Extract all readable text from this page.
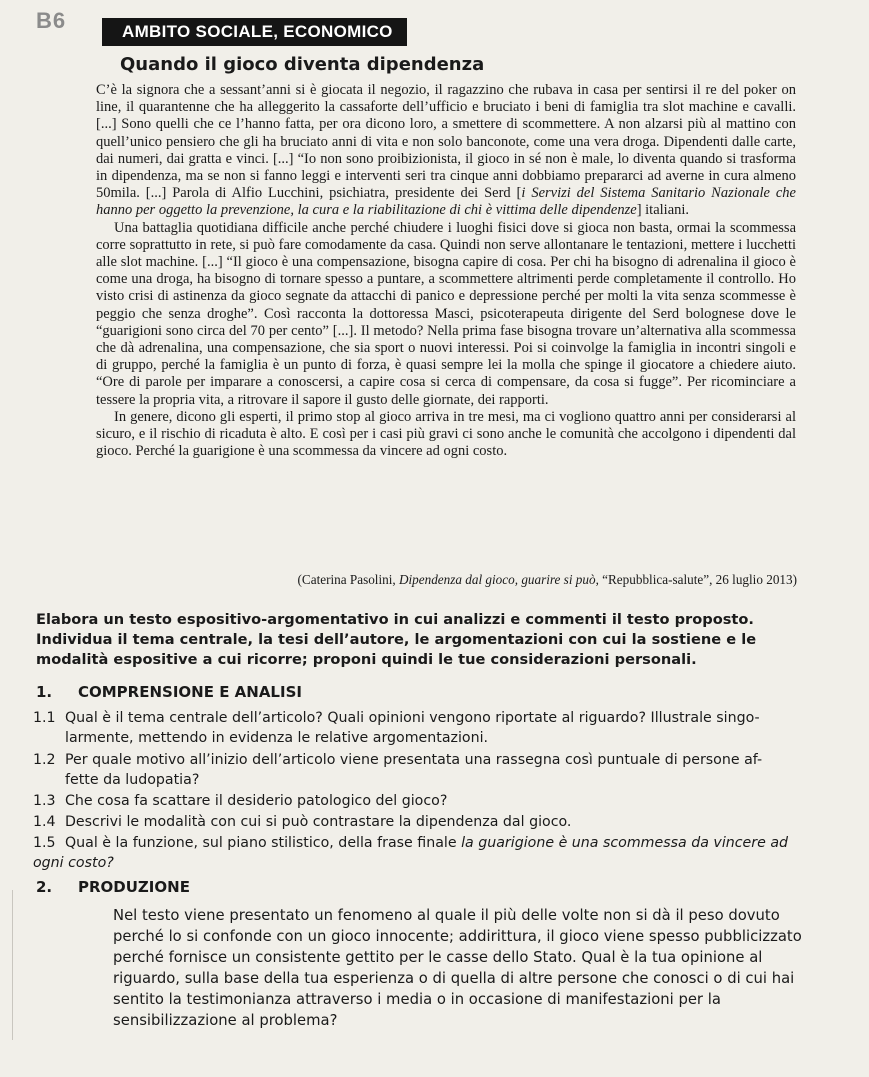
B6	AMBITO SOCIALE, ECONOMICO
Quando il gioco diventa dipendenza

C’è la signora che a sessant’anni si è giocata il negozio, il ragazzino che rubava in casa per sentirsi il re del poker on line, il quarantenne che ha alleggerito la cassaforte dell’ufficio e bruciato i beni di famiglia tra slot machine e cavalli. [...] Sono quelli che ce l’hanno fatta, per ora dicono loro, a smettere di scommettere. A non alzarsi più al mattino con quell’unico pensiero che gli ha bruciato anni di vita e non solo banconote, come una vera droga. Dipendenti dalle carte, dai numeri, dai gratta e vinci. [...] “Io non sono proibizionista, il gioco in sé non è male, lo diventa quando si trasforma in dipendenza, ma se non si fanno leggi e interventi seri tra cinque anni dobbiamo prepararci ad averne in cura almeno 50mila. [...] Parola di Alfio Lucchini, psichiatra, presidente dei Serd [i Servizi del Sistema Sanitario Nazionale che hanno per oggetto la prevenzione, la cura e la riabilitazione di chi è vittima delle dipendenze] italiani.

Una battaglia quotidiana difficile anche perché chiudere i luoghi fisici dove si gioca non basta, ormai la scommessa corre soprattutto in rete, si può fare comodamente da casa. Quindi non serve allontanare le tentazioni, mettere i lucchetti alle slot machine. [...] “Il gioco è una compensazione, bisogna capire di cosa. Per chi ha bisogno di adrenalina il gioco è come una droga, ha bisogno di tornare spesso a puntare, a scommettere altrimenti perde completamente il controllo. Ho visto crisi di astinenza da gioco segnate da attacchi di panico e depressione perché per molti la vita senza scommesse è peggio che senza droghe”. Così racconta la dottoressa Masci, psicoterapeuta dirigente del Serd bolognese dove le “guarigioni sono circa del 70 per cento” [...]. Il metodo? Nella prima fase bisogna trovare un’alternativa alla scommessa che dà adrenalina, una compensazione, che sia sport o nuovi interessi. Poi si coinvolge la famiglia in incontri singoli e di gruppo, perché la famiglia è un punto di forza, è quasi sempre lei la molla che spinge il giocatore a chiedere aiuto. “Ore di parole per imparare a conoscersi, a capire cosa si cerca di compensare, da cosa si fugge”. Per ricominciare a tessere la propria vita, a ritrovare il sapore il gusto delle giornate, dei rapporti.

In genere, dicono gli esperti, il primo stop al gioco arriva in tre mesi, ma ci vogliono quattro anni per considerarsi al sicuro, e il rischio di ricaduta è alto. E così per i casi più gravi ci sono anche le comunità che accolgono i dipendenti dal gioco. Perché la guarigione è una scommessa da vincere ad ogni costo.

(Caterina Pasolini, Dipendenza dal gioco, guarire si può, “Repubblica-salute”, 26 luglio 2013)
Elabora un testo espositivo-argomentativo in cui analizzi e commenti il testo proposto. Individua il tema centrale, la tesi dell’autore, le argomentazioni con cui la sostiene e le modalità espositive a cui ricorre; proponi quindi le tue considerazioni personali.
1. COMPRENSIONE E ANALISI
1.1 Qual è il tema centrale dell’articolo? Quali opinioni vengono riportate al riguardo? Illustrale singo-
larmente, mettendo in evidenza le relative argomentazioni.
1.2 Per quale motivo all’inizio dell’articolo viene presentata una rassegna così puntuale di persone af-
fette da ludopatia?
1.3 Che cosa fa scattare il desiderio patologico del gioco?
1.4 Descrivi le modalità con cui si può contrastare la dipendenza dal gioco.
1.5 Qual è la funzione, sul piano stilistico, della frase finale la guarigione è una scommessa da vincere ad
ogni costo?
2. PRODUZIONE
Nel testo viene presentato un fenomeno al quale il più delle volte non si dà il peso dovuto perché lo si confonde con un gioco innocente; addirittura, il gioco viene spesso pubblicizzato perché fornisce un consistente gettito per le casse dello Stato. Qual è la tua opinione al riguardo, sulla base della tua esperienza o di quella di altre persone che conosci o di cui hai sentito la testimonianza attraverso i media o in occasione di manifestazioni per la sensibilizzazione al problema?
